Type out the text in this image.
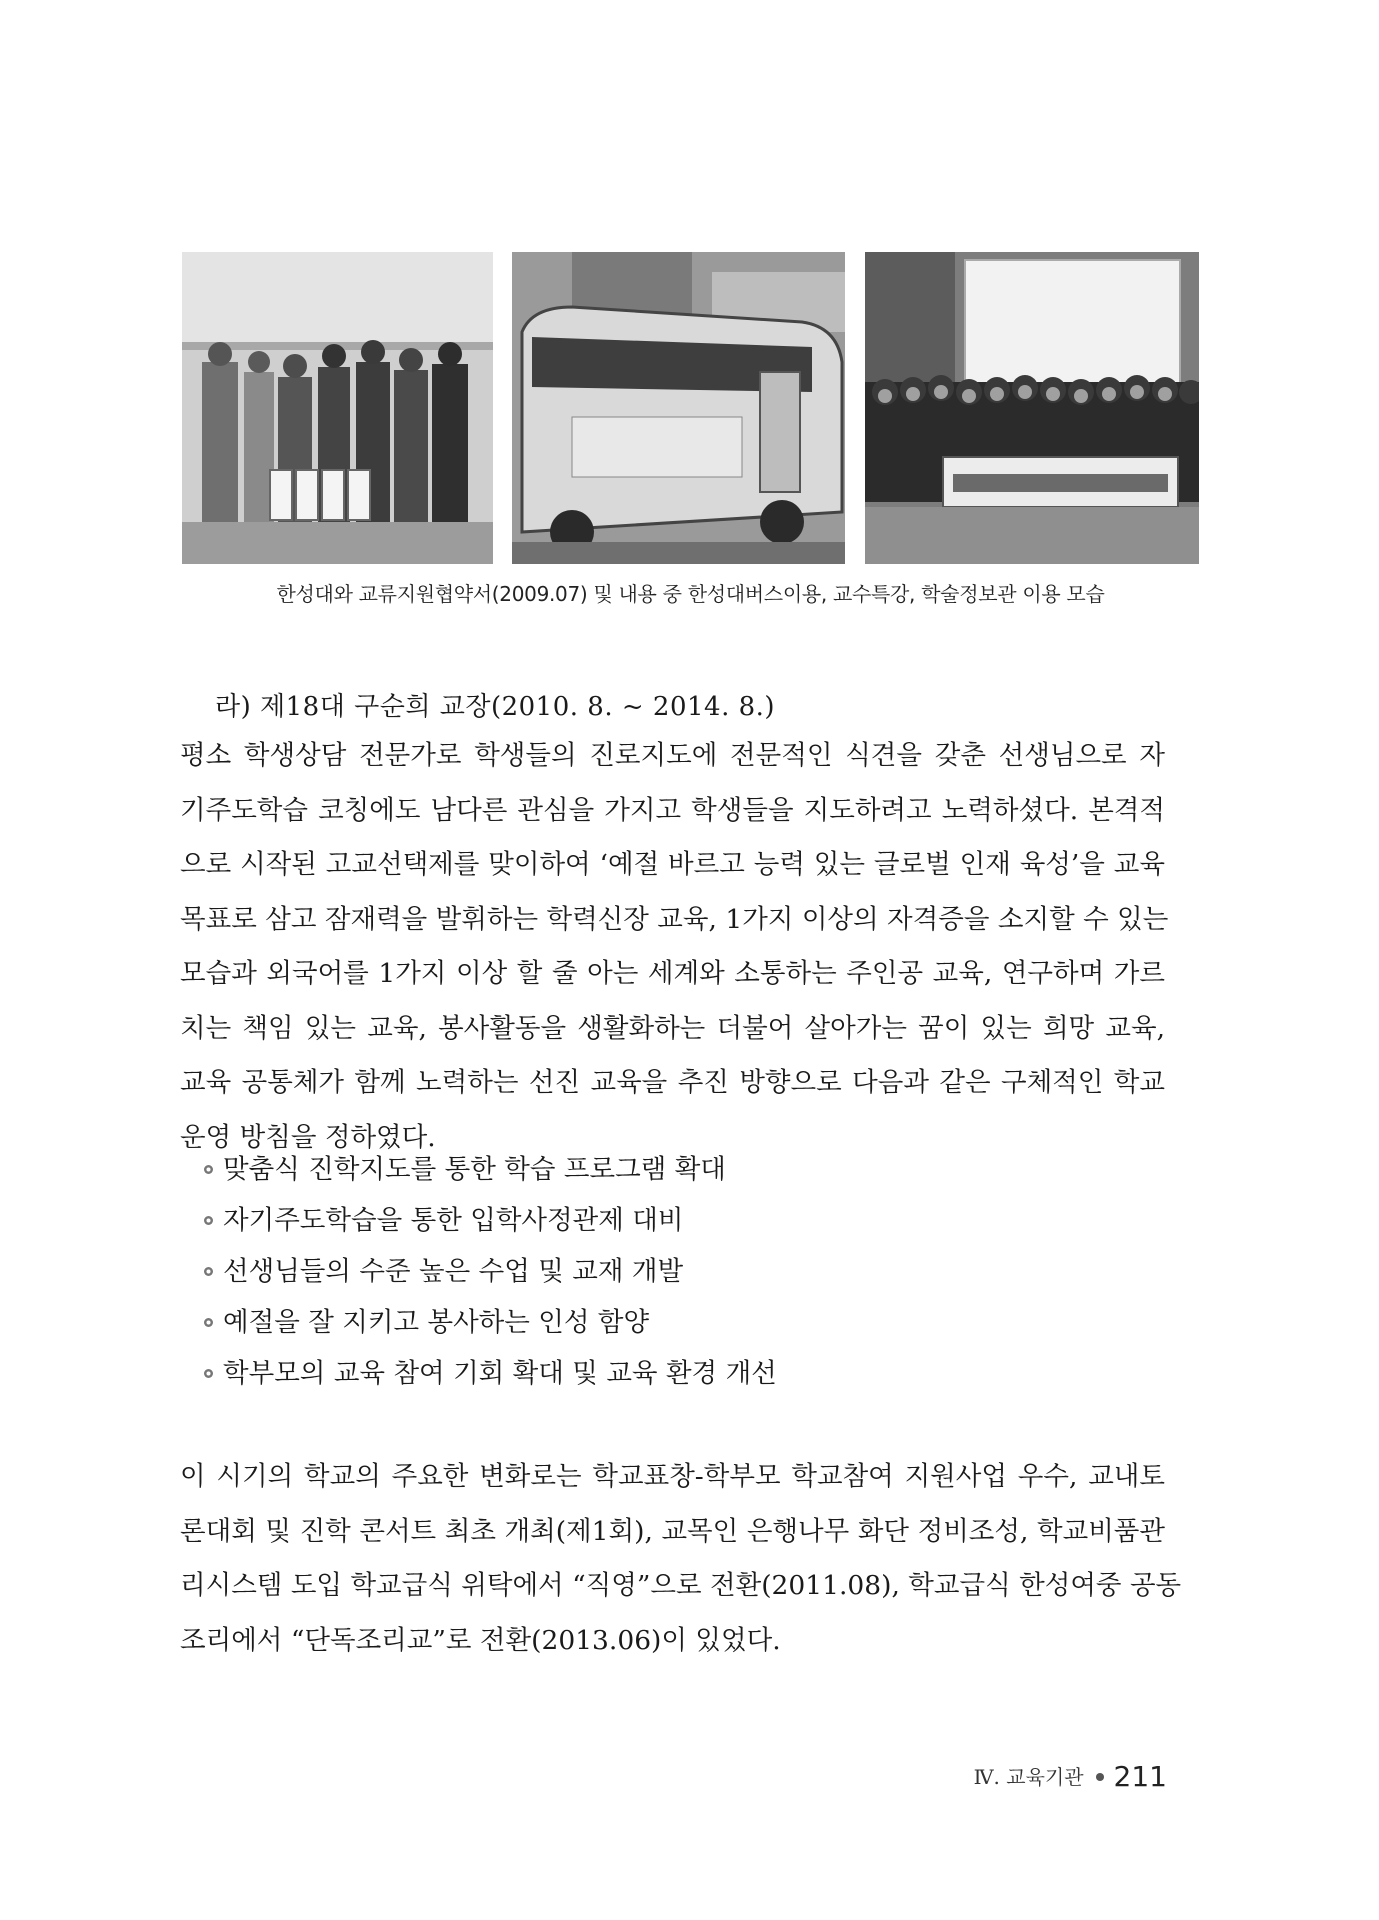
한성대와 교류지원협약서(2009.07) 및 내용 중 한성대버스이용, 교수특강, 학술정보관 이용 모습
라) 제18대 구순희 교장(2010. 8. ~ 2014. 8.)

평소 학생상담 전문가로 학생들의 진로지도에 전문적인 식견을 갖춘 선생님으로 자
기주도학습 코칭에도 남다른 관심을 가지고 학생들을 지도하려고 노력하셨다. 본격적
으로 시작된 고교선택제를 맞이하여 ‘예절 바르고 능력 있는 글로벌 인재 육성’을 교육
목표로 삼고 잠재력을 발휘하는 학력신장 교육, 1가지 이상의 자격증을 소지할 수 있는
모습과 외국어를 1가지 이상 할 줄 아는 세계와 소통하는 주인공 교육, 연구하며 가르
치는 책임 있는 교육, 봉사활동을 생활화하는 더불어 살아가는 꿈이 있는 희망 교육,
교육 공통체가 함께 노력하는 선진 교육을 추진 방향으로 다음과 같은 구체적인 학교
운영 방침을 정하였다.

맞춤식 진학지도를 통한 학습 프로그램 확대
자기주도학습을 통한 입학사정관제 대비
선생님들의 수준 높은 수업 및 교재 개발
예절을 잘 지키고 봉사하는 인성 함양
학부모의 교육 참여 기회 확대 및 교육 환경 개선

이 시기의 학교의 주요한 변화로는 학교표창-학부모 학교참여 지원사업 우수, 교내토
론대회 및 진학 콘서트 최초 개최(제1회), 교목인 은행나무 화단 정비조성, 학교비품관
리시스템 도입 학교급식 위탁에서 “직영”으로 전환(2011.08), 학교급식 한성여중 공동
조리에서 “단독조리교”로 전환(2013.06)이 있었다.

Ⅳ. 교육기관 211
